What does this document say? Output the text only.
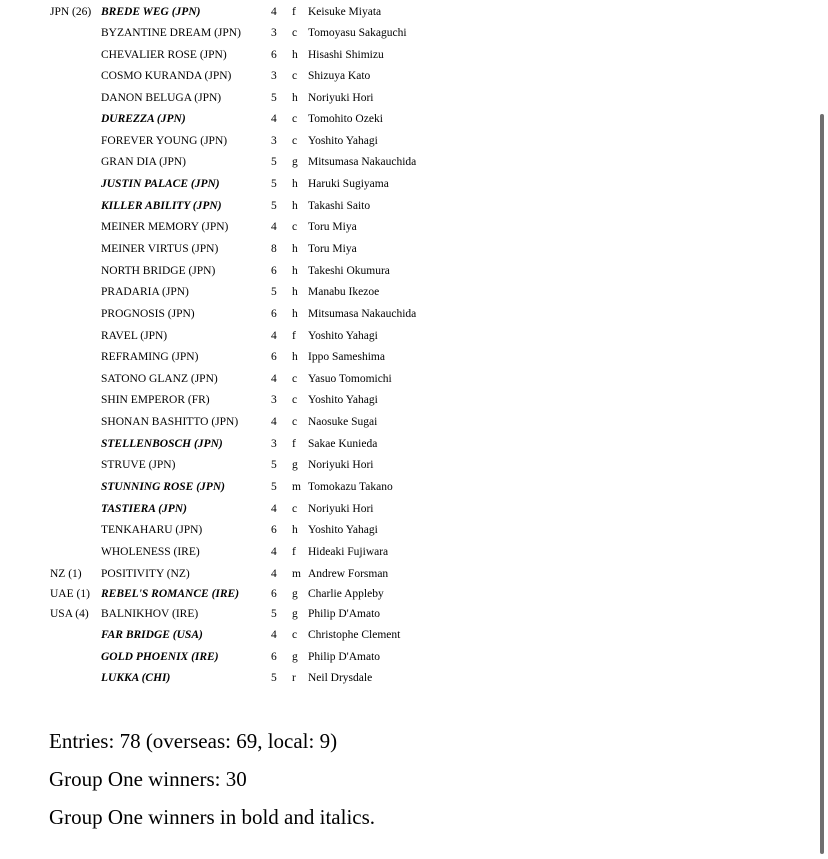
JPN (26) BREDE WEG (JPN)	4 f Keisuke Miyata
BYZANTINE DREAM (JPN)	3 c Tomoyasu Sakaguchi
CHEVALIER ROSE (JPN)	6 h Hisashi Shimizu
COSMO KURANDA (JPN)	3 c Shizuya Kato
DANON BELUGA (JPN)	5 h Noriyuki Hori
DUREZZA (JPN)	4 c Tomohito Ozeki
FOREVER YOUNG (JPN)	3 c Yoshito Yahagi
GRAN DIA (JPN)	5 g Mitsumasa Nakauchida
JUSTIN PALACE (JPN)	5 h Haruki Sugiyama
KILLER ABILITY (JPN)	5 h Takashi Saito
MEINER MEMORY (JPN)	4 c Toru Miya
MEINER VIRTUS (JPN)	8 h Toru Miya
NORTH BRIDGE (JPN)	6 h Takeshi Okumura
PRADARIA (JPN)	5 h Manabu Ikezoe
PROGNOSIS (JPN)	6 h Mitsumasa Nakauchida
RAVEL (JPN)	4 f Yoshito Yahagi
REFRAMING (JPN)	6 h Ippo Sameshima
SATONO GLANZ (JPN)	4 c Yasuo Tomomichi
SHIN EMPEROR (FR)	3 c Yoshito Yahagi
SHONAN BASHITTO (JPN)	4 c Naosuke Sugai
STELLENBOSCH (JPN)	3 f Sakae Kunieda
STRUVE (JPN)	5 g Noriyuki Hori
STUNNING ROSE (JPN)	5 m Tomokazu Takano
TASTIERA (JPN)	4 c Noriyuki Hori
TENKAHARU (JPN)	6 h Yoshito Yahagi
WHOLENESS (IRE)	4 f Hideaki Fujiwara
NZ (1) POSITIVITY (NZ)	4 m Andrew Forsman
UAE (1) REBEL'S ROMANCE (IRE)	6 g Charlie Appleby
USA (4) BALNIKHOV (IRE)	5 g Philip D'Amato
FAR BRIDGE (USA)	4 c Christophe Clement
GOLD PHOENIX (IRE)	6 g Philip D'Amato
LUKKA (CHI)	5 r Neil Drysdale
Entries: 78 (overseas: 69, local: 9)
Group One winners: 30
Group One winners in bold and italics.
